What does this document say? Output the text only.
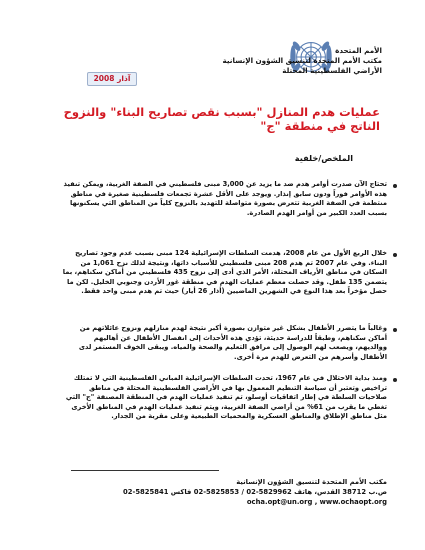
الأمم المتحدة
مكتب الأمم المتحدة لتنسيق الشؤون الإنسانية
الأراضي الفلسطينية المحتلة
آذار 2008
عمليات هدم المنازل "بسبب نقص تصاريح البناء" والنزوح الناتج في منطقة "ج"
الملخص/خلفية
تحتاج الآن صدرت أوامر هدم ضد ما يزيد عن 3,000 مبنى فلسطيني في الضفة الغربية، ويمكن تنفيذ هذه الأوامر فوراً ودون سابق إنذار. ويوجد على الأقل عشرة تجمعات فلسطينية صغيرة في مناطق منتظمة في الضفة الغربية تتعرض بصورة متواصلة للتهديد بالنزوح كلياً من المناطق التي يسكنونها بسبب العدد الكبير من أوامر الهدم الصادرة.
خلال الربع الأول من عام 2008، هدمت السلطات الإسرائيلية 124 مبنى بسبب عدم وجود تصاريح البناء. وفي عام 2007 تم هدم 208 مبنى فلسطيني للأسباب ذاتها، ونتيجة لذلك نزح 1,061 من السكان في مناطق الأرياف المحتلة، الأمر الذي أدى إلى نزوح 435 فلسطيني من أماكن سكناهم، بما يتضمن 135 طفل. وقد حصلت معظم عمليات الهدم في منطقة غور الأردن وجنوبي الخليل. لكن ما حصل مؤخراً بعد هذا النوع في الشهرين الماضيين (أذار 26 أيار) حيث تم هدم مبنى واحد فقط.
وغالباً ما يتضرر الأطفال بشكل غير متوازن بصورة أكبر نتيجة لهدم منازلهم ونزوح عائلاتهم من أماكن سكناهم، وطبقاً للدراسة حديثة، تؤدي هذه الأحداث إلى انفصال الأطفال عن أهاليهم ووالديهم، ويصعب لهم الوصول إلى مرافق التعليم والصحة والمياه. ويبقى الخوف المستمر لدى الأطفال وأسرهم من التعرض للهدم مرة أخرى.
ومنذ بداية الاحتلال في عام 1967، تحدت السلطات الإسرائيلية المباني الفلسطينية التي لا تمتلك تراخيص وتعتبر أن سياسة التنظيم المعمول بها في الأراضي الفلسطينية المحتلة في مناطق صلاحيات السلطة في إطار اتفاقيات أوسلو، تم تنفيذ عمليات الهدم في المنطقة المصنفة "ج" التي تغطي ما يقرب من 61% من أراضي الضفة الغربية، ويتم تنفيذ عمليات الهدم في المناطق الأخرى مثل مناطق الإطلاق والمناطق العسكرية والمحميات الطبيعية وعلى مقربة من الجدار.
مكتب الأمم المتحدة لتنسيق الشؤون الإنسانية
ص.ب 38712 القدس، هاتف 5829962-02 / 5825853-02 فاكس 5825841-02
ocha.opt@un.org , www.ochaopt.org
